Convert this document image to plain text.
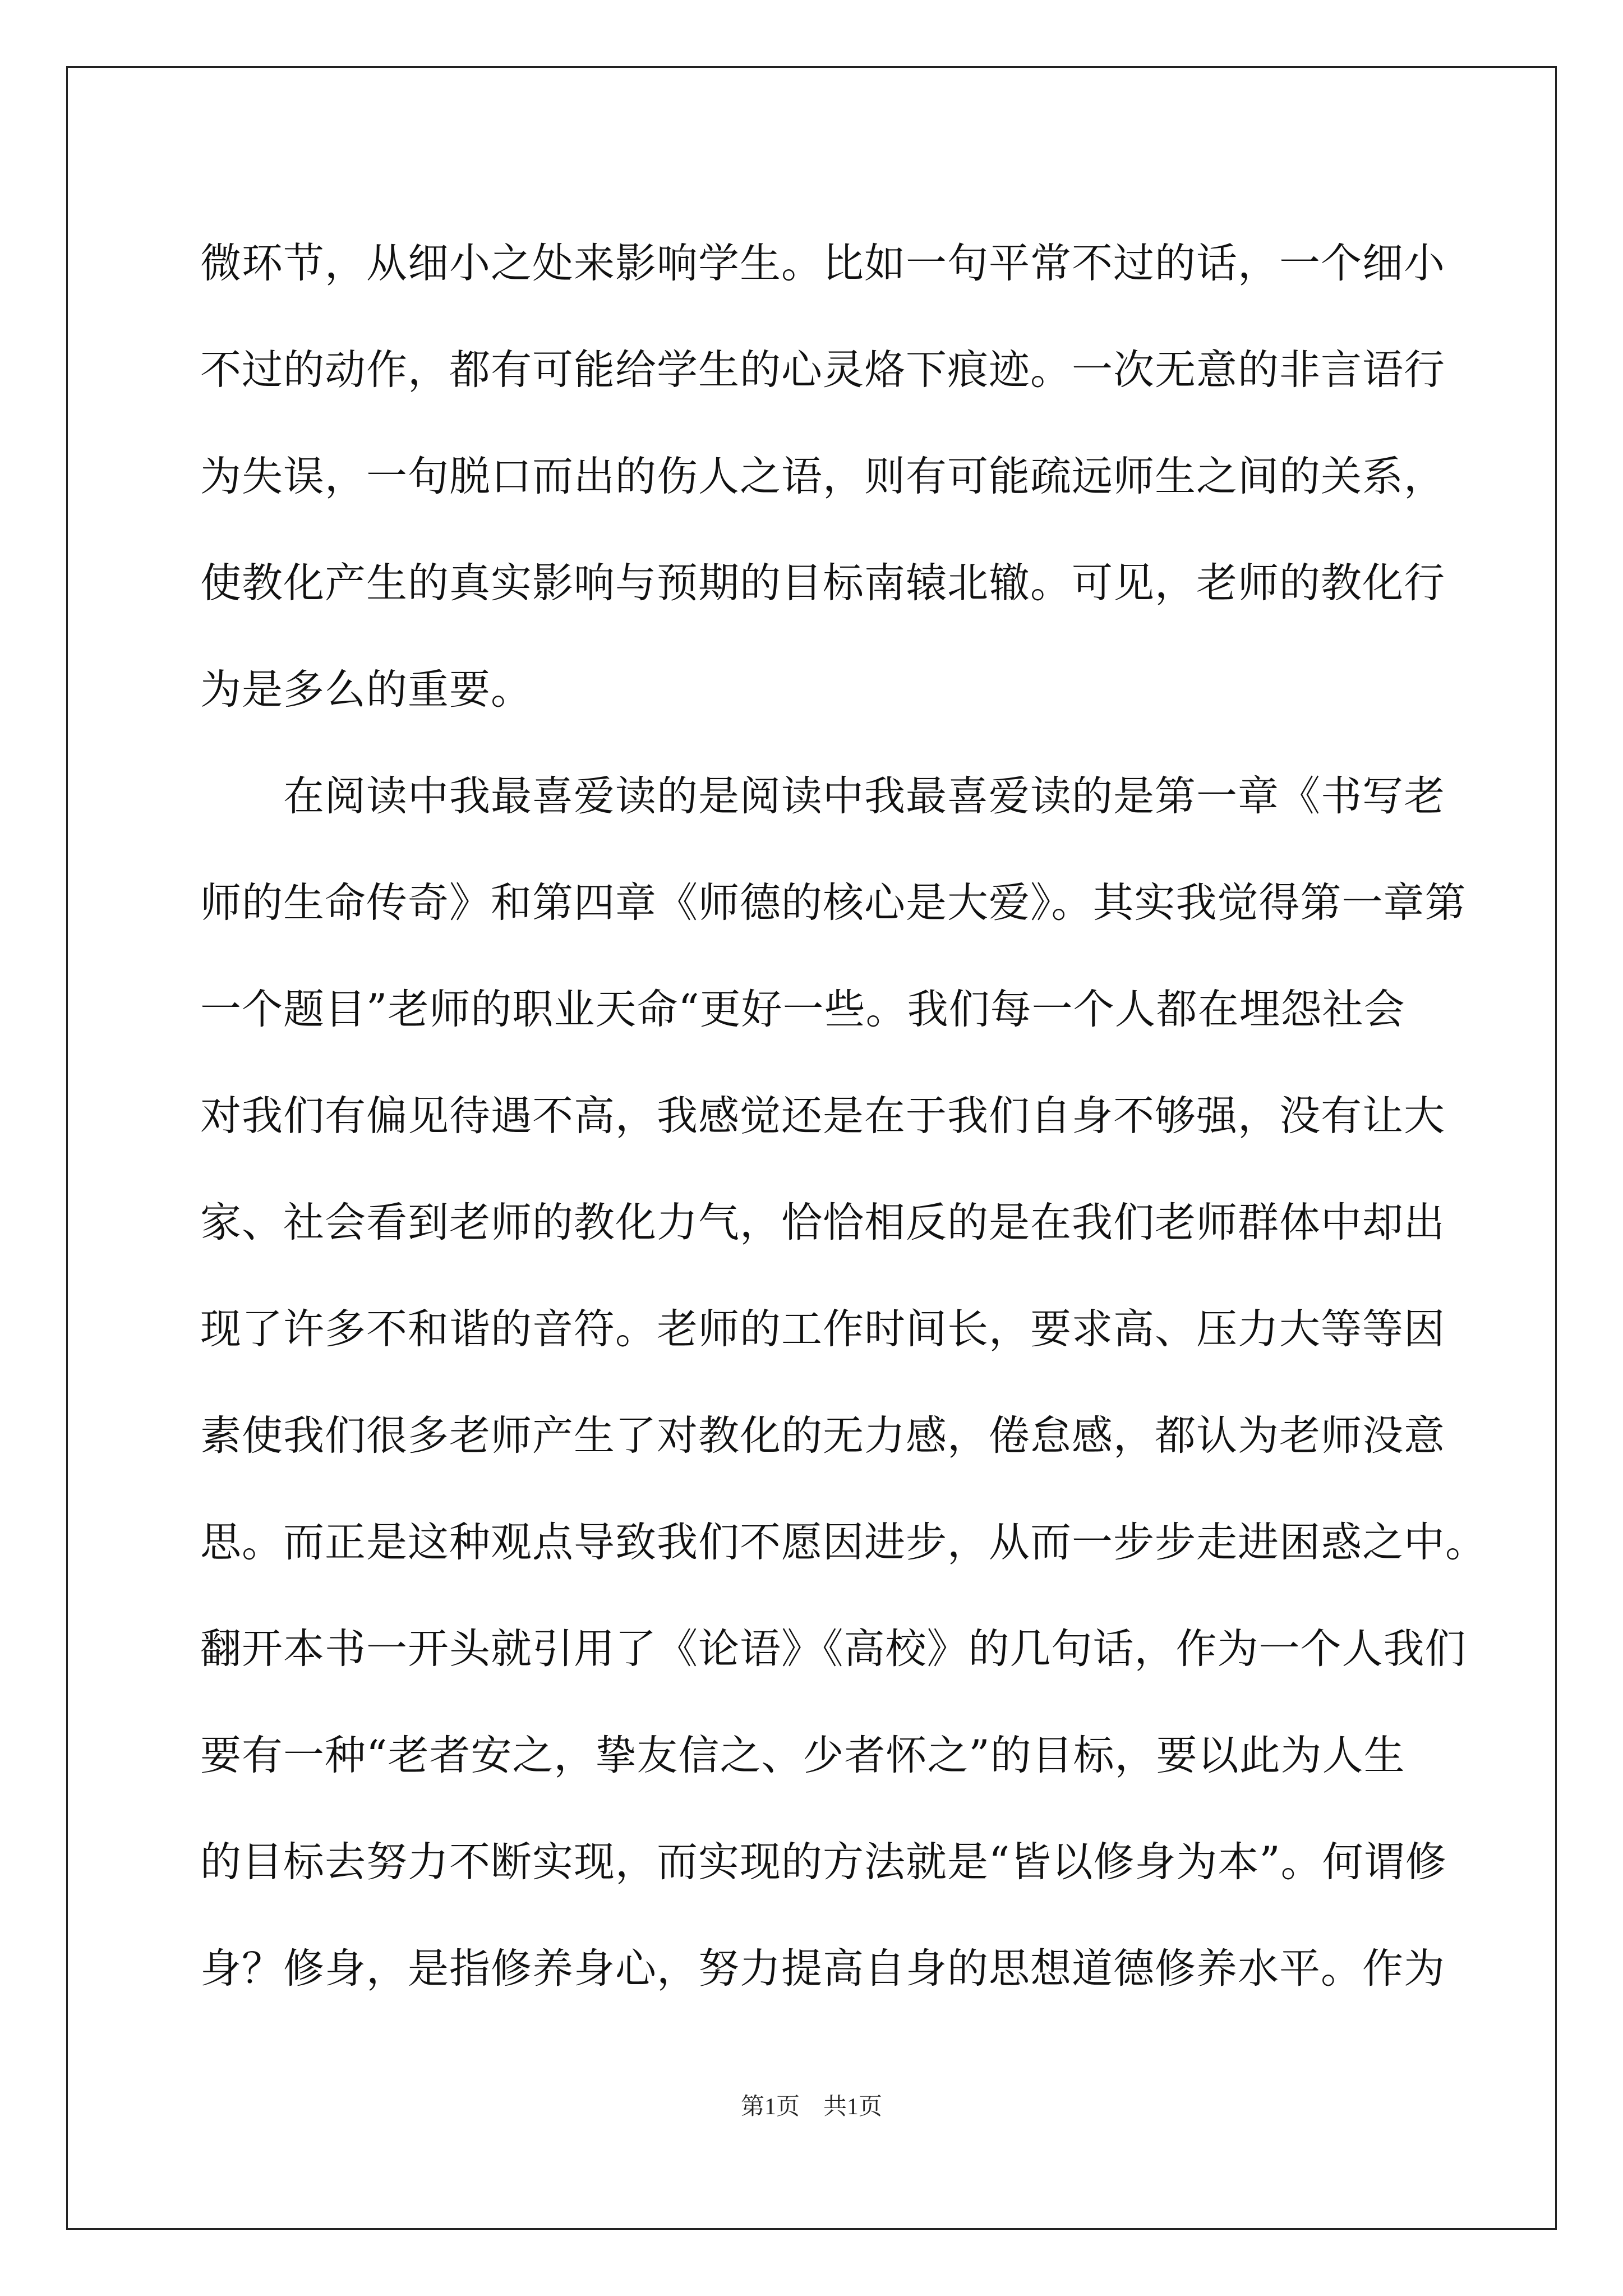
微环节，从细小之处来影响学生。比如一句平常不过的话，一个细小
不过的动作，都有可能给学生的心灵烙下痕迹。一次无意的非言语行
为失误，一句脱口而出的伤人之语，则有可能疏远师生之间的关系，
使教化产生的真实影响与预期的目标南辕北辙。可见，老师的教化行
为是多么的重要。
　　在阅读中我最喜爱读的是阅读中我最喜爱读的是第一章《书写老
师的生命传奇》和第四章《师德的核心是大爱》。其实我觉得第一章第
一个题目”老师的职业天命“更好一些。我们每一个人都在埋怨社会
对我们有偏见待遇不高，我感觉还是在于我们自身不够强，没有让大
家、社会看到老师的教化力气，恰恰相反的是在我们老师群体中却出
现了许多不和谐的音符。老师的工作时间长，要求高、压力大等等因
素使我们很多老师产生了对教化的无力感，倦怠感，都认为老师没意
思。而正是这种观点导致我们不愿因进步，从而一步步走进困惑之中。
翻开本书一开头就引用了《论语》《高校》的几句话，作为一个人我们
要有一种“老者安之，挚友信之、少者怀之”的目标，要以此为人生
的目标去努力不断实现，而实现的方法就是“皆以修身为本”。何谓修
身？修身，是指修养身心，努力提高自身的思想道德修养水平。作为
第1页　共1页
